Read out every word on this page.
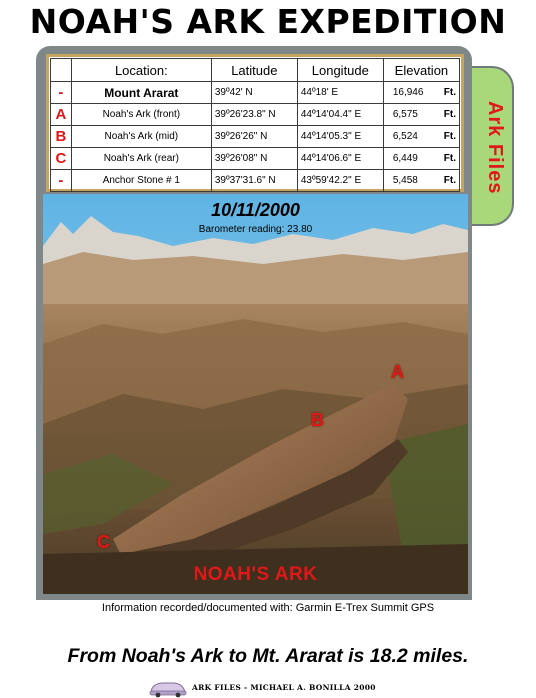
NOAH'S ARK EXPEDITION
Ark Files
	Location:	Latitude	Longitude	Elevation
-	Mount Ararat	39º42' N	44º18' E	16,946 Ft.

A	Noah's Ark (front)	39º26'23.8" N	44º14'04.4" E	6,575 Ft.

B	Noah's Ark (mid)	39º26'26" N	44º14'05.3" E	6,524 Ft.

C	Noah's Ark (rear)	39º26'08" N	44º14'06.6" E	6,449 Ft.

-	Anchor Stone # 1	39º37'31.6" N	43º59'42.2" E	5,458 Ft.
10/11/2000
Barometer reading: 23.80
A
B
C
NOAH'S ARK
Information recorded/documented with: Garmin E-Trex Summit GPS
From Noah's Ark to Mt. Ararat is 18.2 miles.
ARK FILES - MICHAEL A. BONILLA 2000
